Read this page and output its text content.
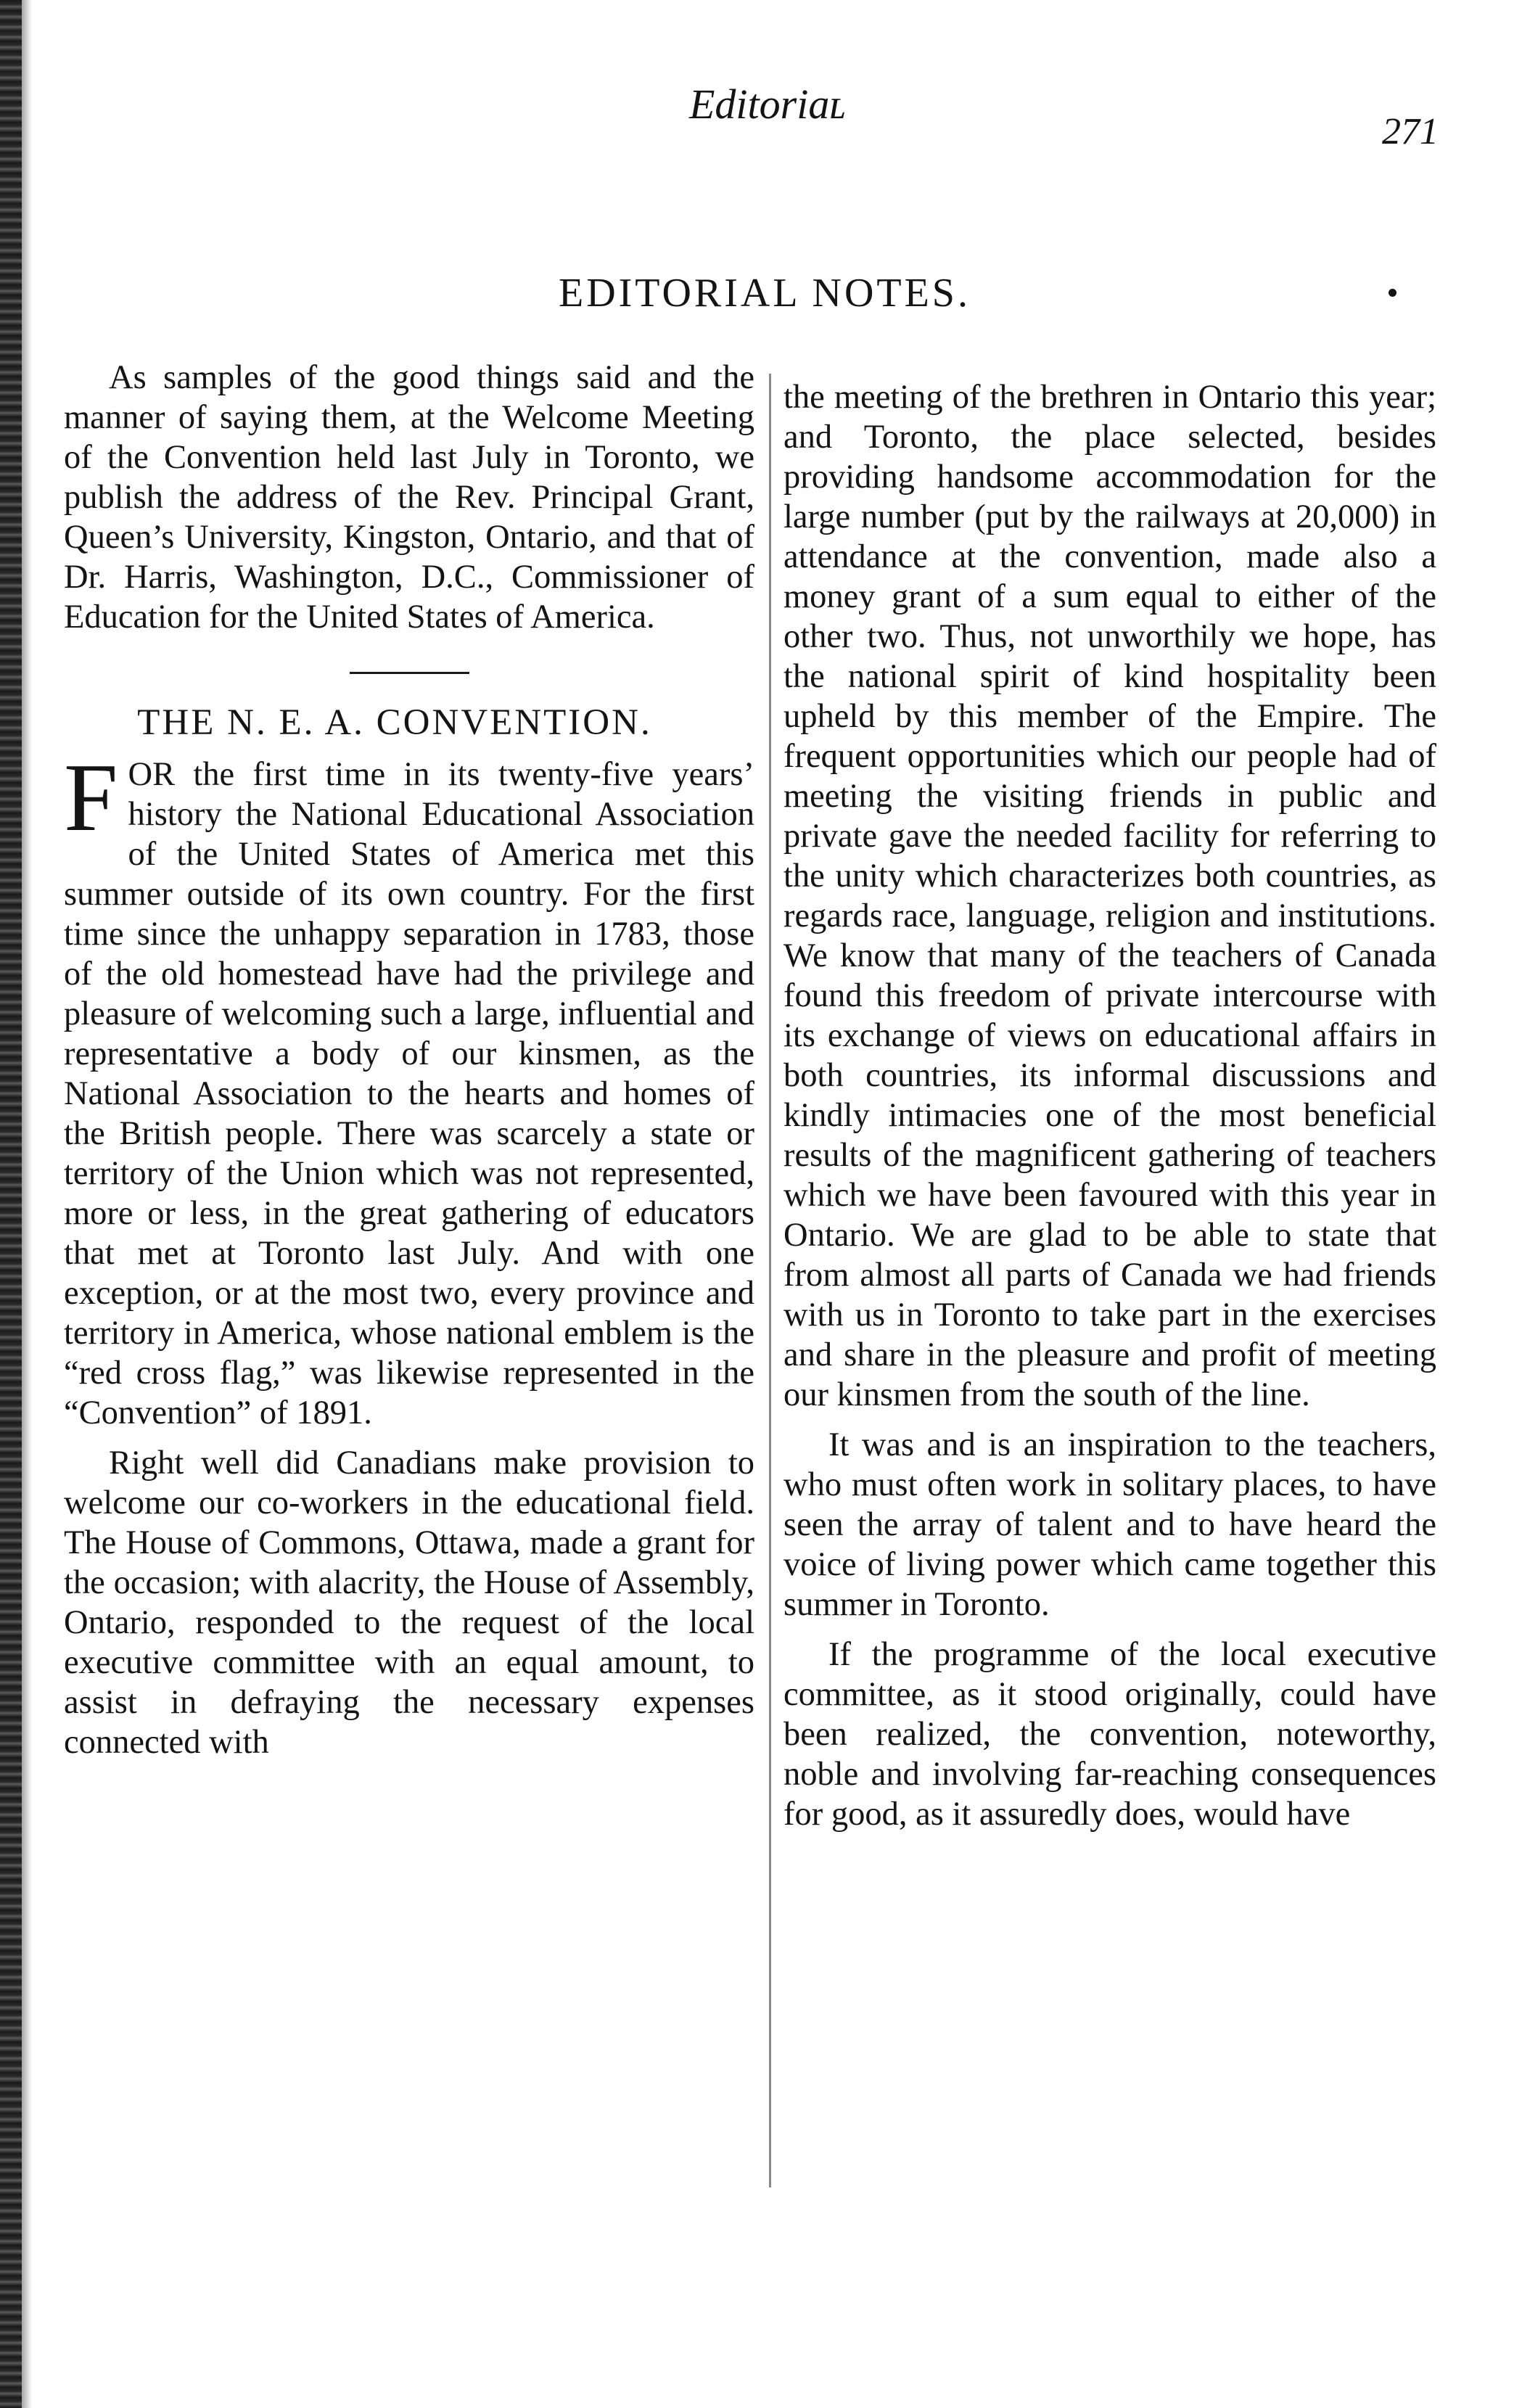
Editoriaʟ
271
EDITORIAL NOTES.

As samples of the good things said and the manner of saying them, at the Welcome Meeting of the Convention held last July in Toronto, we publish the address of the Rev. Principal Grant, Queen’s University, Kingston, Ontario, and that of Dr. Harris, Washington, D.C., Commissioner of Education for the United States of America.

THE N. E. A. CONVENTION.

F OR the first time in its twenty-five years’ history the National Educational Association of the United States of America met this summer outside of its own country. For the first time since the unhappy separation in 1783, those of the old homestead have had the privilege and pleasure of welcoming such a large, influential and representative a body of our kinsmen, as the National Association to the hearts and homes of the British people. There was scarcely a state or territory of the Union which was not represented, more or less, in the great gathering of educators that met at Toronto last July. And with one exception, or at the most two, every province and territory in America, whose national emblem is the “red cross flag,” was likewise represented in the “Convention” of 1891.

Right well did Canadians make provision to welcome our co-workers in the educational field. The House of Commons, Ottawa, made a grant for the occasion; with alacrity, the House of Assembly, Ontario, responded to the request of the local executive committee with an equal amount, to assist in defraying the necessary expenses connected with

the meeting of the brethren in Ontario this year; and Toronto, the place selected, besides providing handsome accommodation for the large number (put by the railways at 20,000) in attendance at the convention, made also a money grant of a sum equal to either of the other two. Thus, not unworthily we hope, has the national spirit of kind hospitality been upheld by this member of the Empire. The frequent opportunities which our people had of meeting the visiting friends in public and private gave the needed facility for referring to the unity which characterizes both countries, as regards race, language, religion and institutions. We know that many of the teachers of Canada found this freedom of private intercourse with its exchange of views on educational affairs in both countries, its informal discussions and kindly intimacies one of the most beneficial results of the magnificent gathering of teachers which we have been favoured with this year in Ontario. We are glad to be able to state that from almost all parts of Canada we had friends with us in Toronto to take part in the exercises and share in the pleasure and profit of meeting our kinsmen from the south of the line.

It was and is an inspiration to the teachers, who must often work in solitary places, to have seen the array of talent and to have heard the voice of living power which came together this summer in Toronto.

If the programme of the local executive committee, as it stood originally, could have been realized, the convention, noteworthy, noble and involving far-reaching consequences for good, as it assuredly does, would have
